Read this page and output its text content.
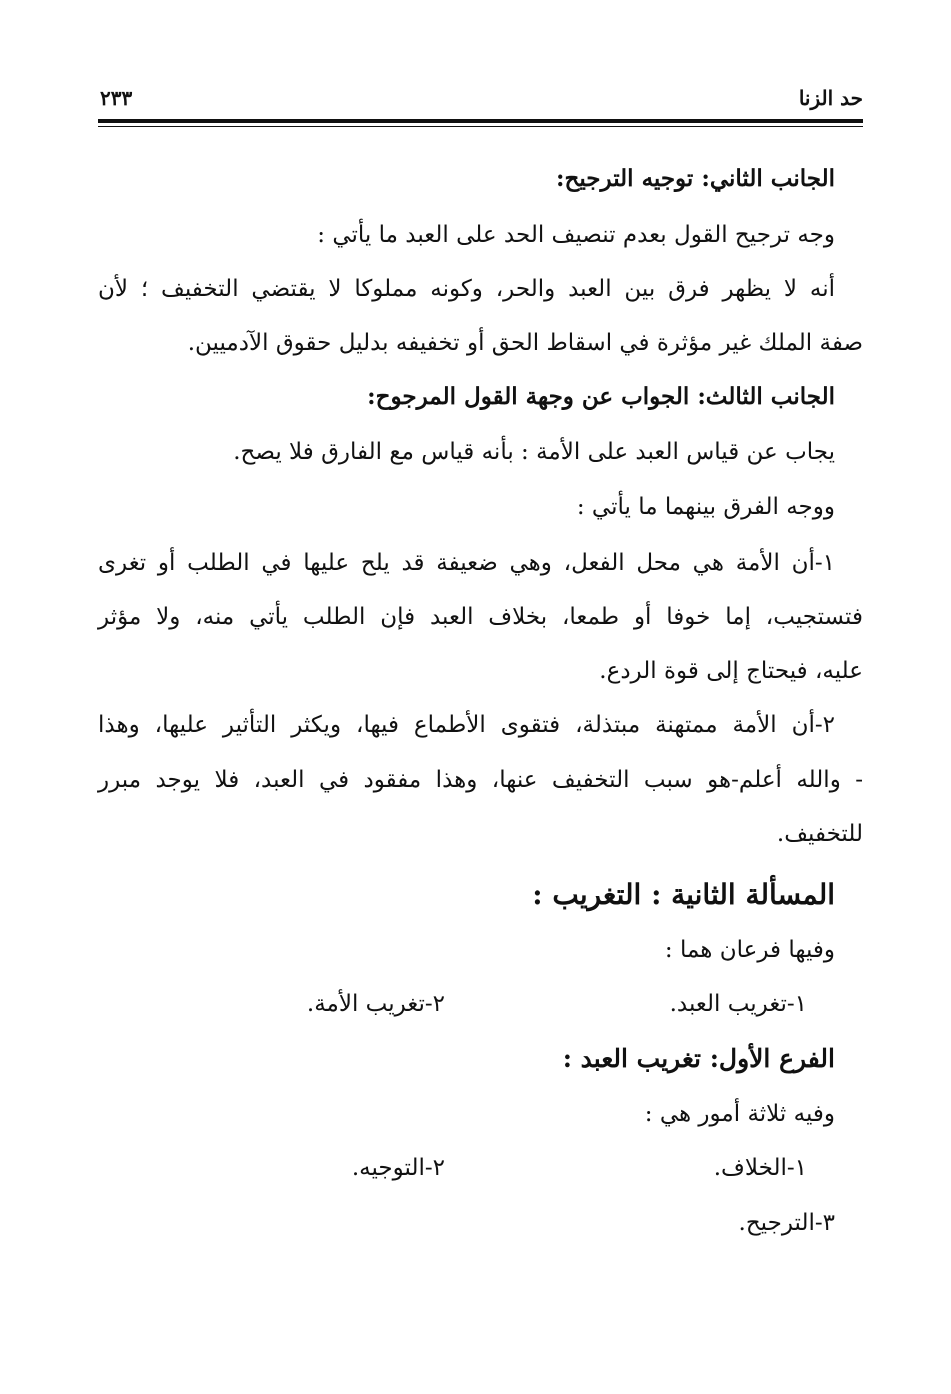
حد الزنا
٢٣٣
الجانب الثاني: توجيه الترجيح:
وجه ترجيح القول بعدم تنصيف الحد على العبد ما يأتي :
أنه لا يظهر فرق بين العبد والحر، وكونه مملوكا لا يقتضي التخفيف ؛ لأن
صفة الملك غير مؤثرة في اسقاط الحق أو تخفيفه بدليل حقوق الآدميين.
الجانب الثالث: الجواب عن وجهة القول المرجوح:
يجاب عن قياس العبد على الأمة : بأنه قياس مع الفارق فلا يصح.
ووجه الفرق بينهما ما يأتي :
١-أن الأمة هي محل الفعل، وهي ضعيفة قد يلح عليها في الطلب أو تغرى
فتستجيب، إما خوفا أو طمعا، بخلاف العبد فإن الطلب يأتي منه، ولا مؤثر
عليه، فيحتاج إلى قوة الردع.
٢-أن الأمة ممتهنة مبتذلة، فتقوى الأطماع فيها، ويكثر التأثير عليها، وهذا
- والله أعلم-هو سبب التخفيف عنها، وهذا مفقود في العبد، فلا يوجد مبرر
للتخفيف.
المسألة الثانية : التغريب :
وفيها فرعان هما :
١-تغريب العبد.
٢-تغريب الأمة.
الفرع الأول: تغريب العبد :
وفيه ثلاثة أمور هي :
١-الخلاف.
٢-التوجيه.
٣-الترجيح.
